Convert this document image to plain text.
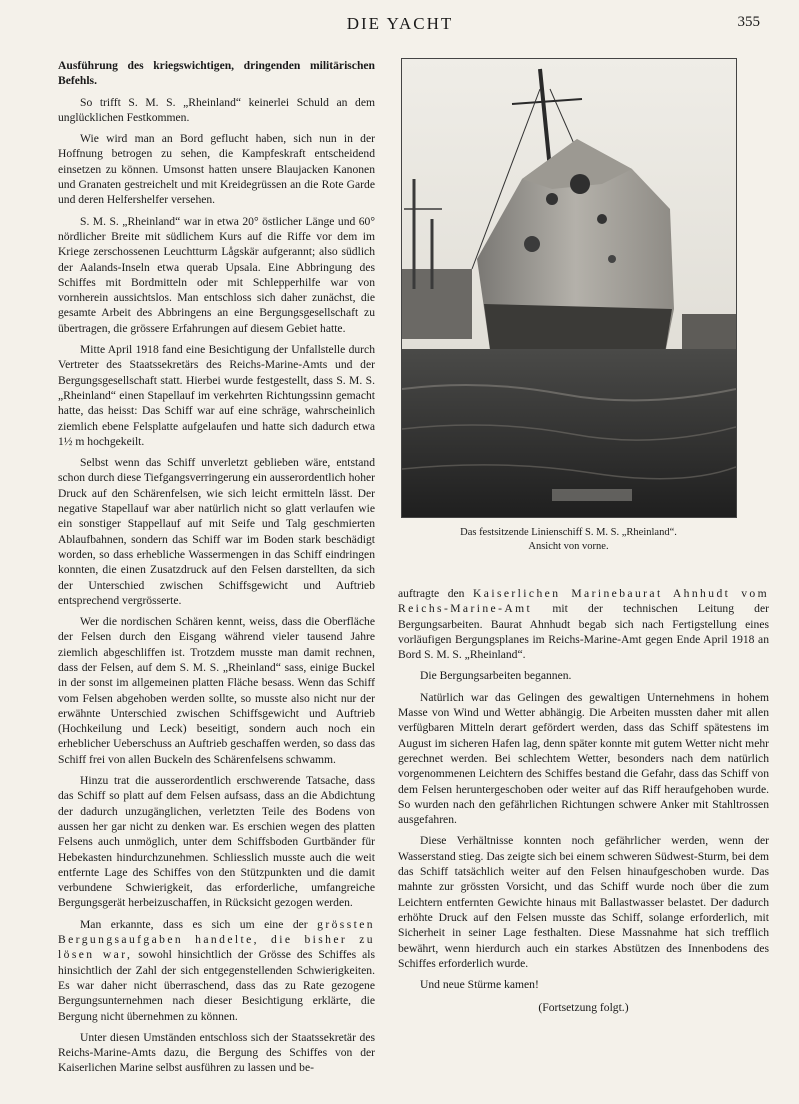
DIE YACHT	355

Ausführung des kriegswichtigen, dringenden militärischen Befehls.

So trifft S. M. S. „Rheinland“ keinerlei Schuld an dem unglücklichen Festkommen.

Wie wird man an Bord geflucht haben, sich nun in der Hoffnung betrogen zu sehen, die Kampfeskraft entscheidend einsetzen zu können. Umsonst hatten unsere Blaujacken Kanonen und Granaten gestreichelt und mit Kreidegrüssen an die Rote Garde und deren Helfershelfer versehen.

S. M. S. „Rheinland“ war in etwa 20° östlicher Länge und 60° nördlicher Breite mit südlichem Kurs auf die Riffe vor dem im Kriege zerschossenen Leuchtturm Lågskär aufgerannt; also südlich der Aalands-Inseln etwa querab Upsala. Eine Abbringung des Schiffes mit Bordmitteln oder mit Schlepperhilfe war von vornherein aussichtslos. Man entschloss sich daher zunächst, die gesamte Arbeit des Abbringens an eine Bergungsgesellschaft zu übertragen, die grössere Erfahrungen auf diesem Gebiet hatte.

Mitte April 1918 fand eine Besichtigung der Unfallstelle durch Vertreter des Staatssekretärs des Reichs-Marine-Amts und der Bergungsgesellschaft statt. Hierbei wurde festgestellt, dass S. M. S. „Rheinland“ einen Stapellauf im verkehrten Richtungssinn gemacht hatte, das heisst: Das Schiff war auf eine schräge, wahrscheinlich ziemlich ebene Felsplatte aufgelaufen und hatte sich dadurch etwa 1½ m hochgekeilt.

Selbst wenn das Schiff unverletzt geblieben wäre, entstand schon durch diese Tiefgangsverringerung ein ausserordentlich hoher Druck auf den Schärenfelsen, wie sich leicht ermitteln lässt. Der negative Stapellauf war aber natürlich nicht so glatt verlaufen wie ein sonstiger Stappellauf auf mit Seife und Talg geschmierten Ablaufbahnen, sondern das Schiff war im Boden stark beschädigt worden, so dass erhebliche Wassermengen in das Schiff eindringen konnten, die einen Zusatzdruck auf den Felsen darstellten, da sich der Unterschied zwischen Schiffsgewicht und Auftrieb entsprechend vergrösserte.

Wer die nordischen Schären kennt, weiss, dass die Oberfläche der Felsen durch den Eisgang während vieler tausend Jahre ziemlich abgeschliffen ist. Trotzdem musste man damit rechnen, dass der Felsen, auf dem S. M. S. „Rheinland“ sass, einige Buckel in der sonst im allgemeinen platten Fläche besass. Wenn das Schiff vom Felsen abgehoben werden sollte, so musste also nicht nur der erwähnte Unterschied zwischen Schiffsgewicht und Auftrieb (Hochkeilung und Leck) beseitigt, sondern auch noch ein erheblicher Ueberschuss an Auftrieb geschaffen werden, so dass das Schiff frei von allen Buckeln des Schärenfelsens schwamm.

Hinzu trat die ausserordentlich erschwerende Tatsache, dass das Schiff so platt auf dem Felsen aufsass, dass an die Abdichtung der dadurch unzugänglichen, verletzten Teile des Bodens von aussen her gar nicht zu denken war. Es erschien wegen des platten Felsens auch unmöglich, unter dem Schiffsboden Gurtbänder für Hebekasten hindurchzunehmen. Schliesslich musste auch die weit entfernte Lage des Schiffes von den Stützpunkten und die damit verbundene Schwierigkeit, das erforderliche, umfangreiche Bergungsgerät herbeizuschaffen, in Rücksicht gezogen werden.

Man erkannte, dass es sich um eine der grössten Bergungsaufgaben handelte, die bisher zu lösen war, sowohl hinsichtlich der Grösse des Schiffes als hinsichtlich der Zahl der sich entgegenstellenden Schwierigkeiten. Es war daher nicht überraschend, dass das zu Rate gezogene Bergungsunternehmen nach dieser Besichtigung erklärte, die Bergung nicht übernehmen zu können.

Unter diesen Umständen entschloss sich der Staatssekretär des Reichs-Marine-Amts dazu, die Bergung des Schiffes von der Kaiserlichen Marine selbst ausführen zu lassen und be-

Das festsitzende Linienschiff S. M. S. „Rheinland“.
Ansicht von vorne.

auftragte den Kaiserlichen Marinebaurat Ahnhudt vom Reichs-Marine-Amt mit der technischen Leitung der Bergungsarbeiten. Baurat Ahnhudt begab sich nach Fertigstellung eines vorläufigen Bergungsplanes im Reichs-Marine-Amt gegen Ende April 1918 an Bord S. M. S. „Rheinland“.

Die Bergungsarbeiten begannen.

Natürlich war das Gelingen des gewaltigen Unternehmens in hohem Masse von Wind und Wetter abhängig. Die Arbeiten mussten daher mit allen verfügbaren Mitteln derart gefördert werden, dass das Schiff spätestens im August im sicheren Hafen lag, denn später konnte mit gutem Wetter nicht mehr gerechnet werden. Bei schlechtem Wetter, besonders nach dem natürlich vorgenommenen Leichtern des Schiffes bestand die Gefahr, dass das Schiff von dem Felsen heruntergeschoben oder weiter auf das Riff heraufgehoben wurde. So wurden nach den gefährlichen Richtungen schwere Anker mit Stahltrossen ausgefahren.

Diese Verhältnisse konnten noch gefährlicher werden, wenn der Wasserstand stieg. Das zeigte sich bei einem schweren Südwest-Sturm, bei dem das Schiff tatsächlich weiter auf den Felsen hinaufgeschoben wurde. Das mahnte zur grössten Vorsicht, und das Schiff wurde noch über die zum Leichtern entfernten Gewichte hinaus mit Ballastwasser belastet. Der dadurch erhöhte Druck auf den Felsen musste das Schiff, solange erforderlich, mit Sicherheit in seiner Lage festhalten. Diese Massnahme hat sich trefflich bewährt, wenn hierdurch auch ein starkes Abstützen des Innenbodens des Schiffes erforderlich wurde.

Und neue Stürme kamen!

(Fortsetzung folgt.)
